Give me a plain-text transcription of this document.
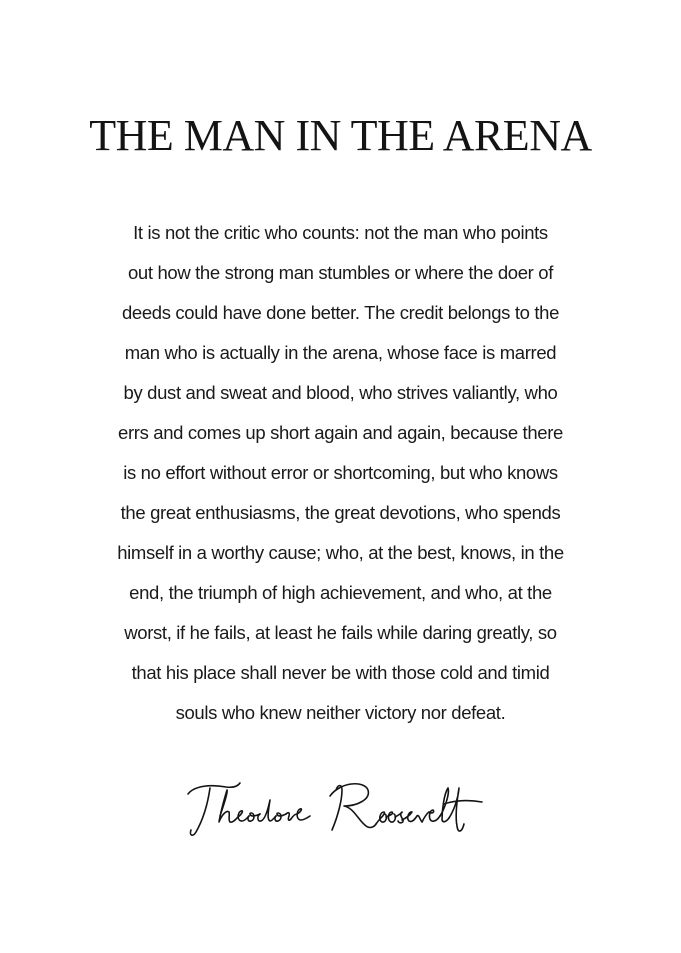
THE MAN IN THE ARENA
It is not the critic who counts: not the man who points
out how the strong man stumbles or where the doer of
deeds could have done better. The credit belongs to the
man who is actually in the arena, whose face is marred
by dust and sweat and blood, who strives valiantly, who
errs and comes up short again and again, because there
is no effort without error or shortcoming, but who knows
the great enthusiasms, the great devotions, who spends
himself in a worthy cause; who, at the best, knows, in the
end, the triumph of high achievement, and who, at the
worst, if he fails, at least he fails while daring greatly, so
that his place shall never be with those cold and timid
souls who knew neither victory nor defeat.
